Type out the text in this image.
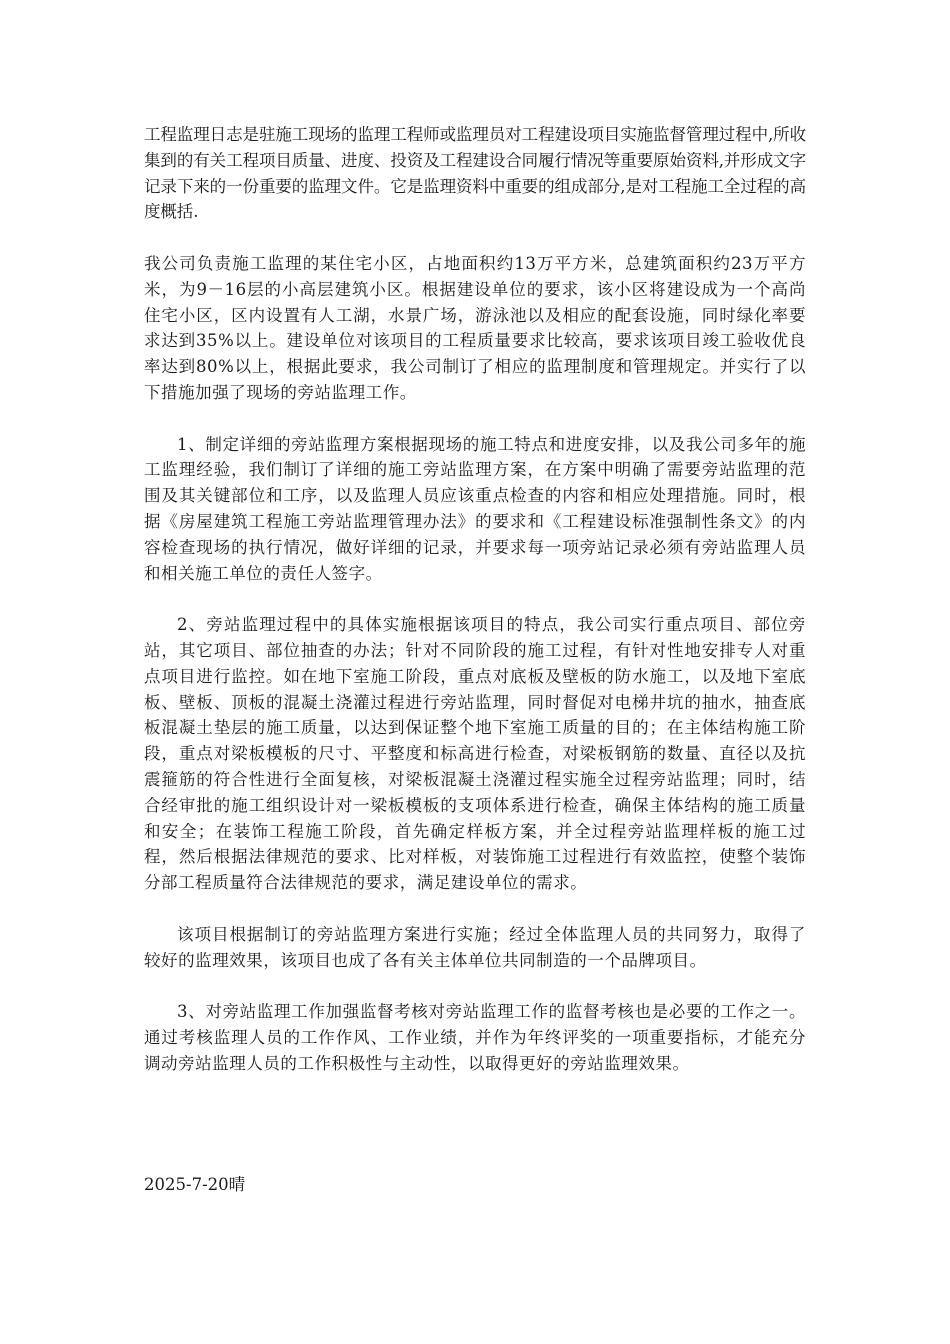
工程监理日志是驻施工现场的监理工程师或监理员对工程建设项目实施监督管理过程中,所收集到的有关工程项目质量、进度、投资及工程建设合同履行情况等重要原始资料,并形成文字记录下来的一份重要的监理文件。它是监理资料中重要的组成部分,是对工程施工全过程的高度概括.

我公司负责施工监理的某住宅小区，占地面积约13万平方米，总建筑面积约23万平方米，为9－16层的小高层建筑小区。根据建设单位的要求，该小区将建设成为一个高尚住宅小区，区内设置有人工湖，水景广场，游泳池以及相应的配套设施，同时绿化率要求达到35%以上。建设单位对该项目的工程质量要求比较高，要求该项目竣工验收优良率达到80%以上，根据此要求，我公司制订了相应的监理制度和管理规定。并实行了以下措施加强了现场的旁站监理工作。

1、制定详细的旁站监理方案根据现场的施工特点和进度安排，以及我公司多年的施工监理经验，我们制订了详细的施工旁站监理方案，在方案中明确了需要旁站监理的范围及其关键部位和工序，以及监理人员应该重点检查的内容和相应处理措施。同时，根据《房屋建筑工程施工旁站监理管理办法》的要求和《工程建设标准强制性条文》的内容检查现场的执行情况，做好详细的记录，并要求每一项旁站记录必须有旁站监理人员和相关施工单位的责任人签字。

2、旁站监理过程中的具体实施根据该项目的特点，我公司实行重点项目、部位旁站，其它项目、部位抽查的办法；针对不同阶段的施工过程，有针对性地安排专人对重点项目进行监控。如在地下室施工阶段，重点对底板及壁板的防水施工，以及地下室底板、壁板、顶板的混凝土浇灌过程进行旁站监理，同时督促对电梯井坑的抽水，抽查底板混凝土垫层的施工质量，以达到保证整个地下室施工质量的目的；在主体结构施工阶段，重点对梁板模板的尺寸、平整度和标高进行检查，对梁板钢筋的数量、直径以及抗震箍筋的符合性进行全面复核，对梁板混凝土浇灌过程实施全过程旁站监理；同时，结合经审批的施工组织设计对一梁板模板的支项体系进行检查，确保主体结构的施工质量和安全；在装饰工程施工阶段，首先确定样板方案，并全过程旁站监理样板的施工过程，然后根据法律规范的要求、比对样板，对装饰施工过程进行有效监控，使整个装饰分部工程质量符合法律规范的要求，满足建设单位的需求。

该项目根据制订的旁站监理方案进行实施；经过全体监理人员的共同努力，取得了较好的监理效果，该项目也成了各有关主体单位共同制造的一个品牌项目。

3、对旁站监理工作加强监督考核对旁站监理工作的监督考核也是必要的工作之一。通过考核监理人员的工作作风、工作业绩，并作为年终评奖的一项重要指标，才能充分调动旁站监理人员的工作积极性与主动性，以取得更好的旁站监理效果。

2025-7-20晴
